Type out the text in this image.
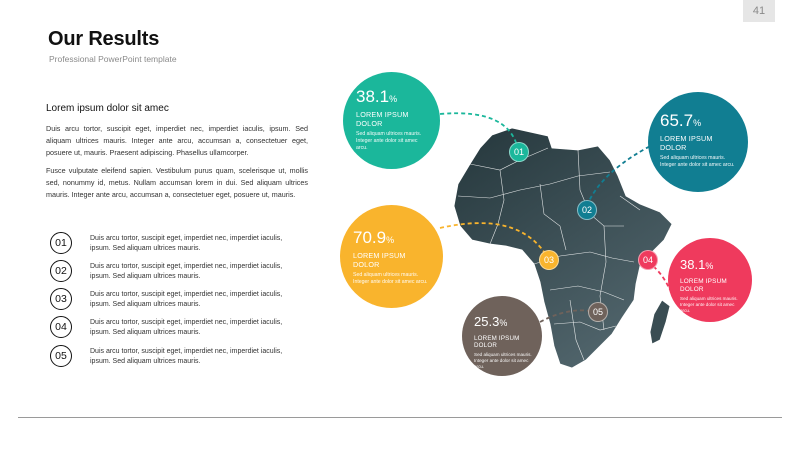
41
Our Results
Professional PowerPoint template
Lorem ipsum dolor sit amec
Duis arcu tortor, suscipit eget, imperdiet nec, imperdiet iaculis, ipsum. Sed aliquam ultrices mauris. Integer ante arcu, accumsan a, consectetuer eget, posuere ut, mauris. Praesent adipiscing. Phasellus ullamcorper.
Fusce vulputate eleifend sapien. Vestibulum purus quam, scelerisque ut, mollis sed, nonummy id, metus. Nullam accumsan lorem in dui. Sed aliquam ultrices mauris. Integer ante arcu, accumsan a, consectetuer eget, posuere ut, mauris.
01	Duis arcu tortor, suscipit eget, imperdiet nec, imperdiet iaculis, ipsum. Sed aliquam ultrices mauris.
02	Duis arcu tortor, suscipit eget, imperdiet nec, imperdiet iaculis, ipsum. Sed aliquam ultrices mauris.
03	Duis arcu tortor, suscipit eget, imperdiet nec, imperdiet iaculis, ipsum. Sed aliquam ultrices mauris.
04	Duis arcu tortor, suscipit eget, imperdiet nec, imperdiet iaculis, ipsum. Sed aliquam ultrices mauris.
05	Duis arcu tortor, suscipit eget, imperdiet nec, imperdiet iaculis, ipsum. Sed aliquam ultrices mauris.
38.1%
LOREM IPSUM DOLOR
Sed aliquam ultrices mauris. Integer ante dolor sit amec arcu.
65.7%
LOREM IPSUM DOLOR
Sed aliquam ultrices mauris. Integer ante dolor sit amec arcu.
70.9%
LOREM IPSUM DOLOR
Sed aliquam ultrices mauris. Integer ante dolor sit amec arcu.
38.1%
LOREM IPSUM DOLOR
Sed aliquam ultrices mauris. Integer ante dolor sit amec arcu.
25.3%
LOREM IPSUM DOLOR
Sed aliquam ultrices mauris. Integer ante dolor sit amec arcu.
01
02
03	04
05
